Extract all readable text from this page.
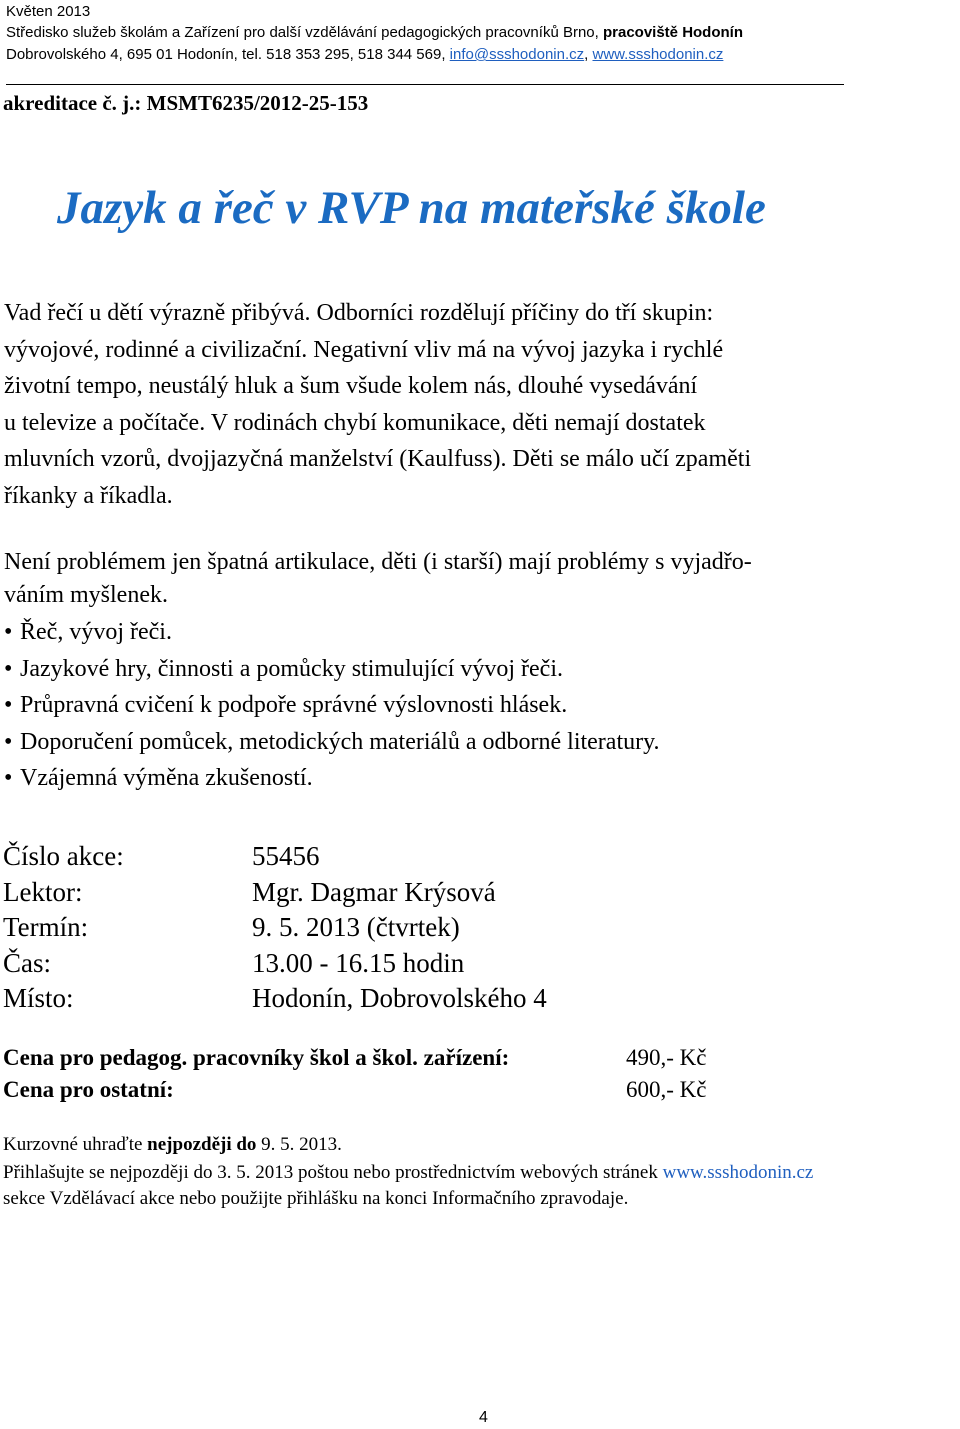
Květen 2013
Středisko služeb školám a Zařízení pro další vzdělávání pedagogických pracovníků Brno, pracoviště Hodonín
Dobrovolského 4, 695 01 Hodonín, tel. 518 353 295, 518 344 569, info@ssshodonin.cz, www.ssshodonin.cz
akreditace č. j.: MSMT6235/2012-25-153
Jazyk a řeč v RVP na mateřské škole
Vad řečí u dětí výrazně přibývá. Odborníci rozdělují příčiny do tří skupin:
vývojové, rodinné a civilizační. Negativní vliv má na vývoj jazyka i rychlé
životní tempo, neustálý hluk a šum všude kolem nás, dlouhé vysedávání
u televize a počítače. V rodinách chybí komunikace, děti nemají dostatek
mluvních vzorů, dvojjazyčná manželství (Kaulfuss). Děti se málo učí zpaměti
říkanky a říkadla.
Není problémem jen špatná artikulace, děti (i starší) mají problémy s vyjadřo-
váním myšlenek.
• Řeč, vývoj řeči.
• Jazykové hry, činnosti a pomůcky stimulující vývoj řeči.
• Průpravná cvičení k podpoře správné výslovnosti hlásek.
• Doporučení pomůcek, metodických materiálů a odborné literatury.
• Vzájemná výměna zkušeností.
Číslo akce:
Lektor:
Termín:
Čas:
Místo:
55456
Mgr. Dagmar Krýsová
9. 5. 2013 (čtvrtek)
13.00 - 16.15 hodin
Hodonín, Dobrovolského 4
Cena pro pedagog. pracovníky škol a škol. zařízení:
Cena pro ostatní:
490,- Kč
600,- Kč
Kurzovné uhraďte nejpozději do 9. 5. 2013.
Přihlašujte se nejpozději do 3. 5. 2013 poštou nebo prostřednictvím webových stránek www.ssshodonin.cz
sekce Vzdělávací akce nebo použijte přihlášku na konci Informačního zpravodaje.
4
